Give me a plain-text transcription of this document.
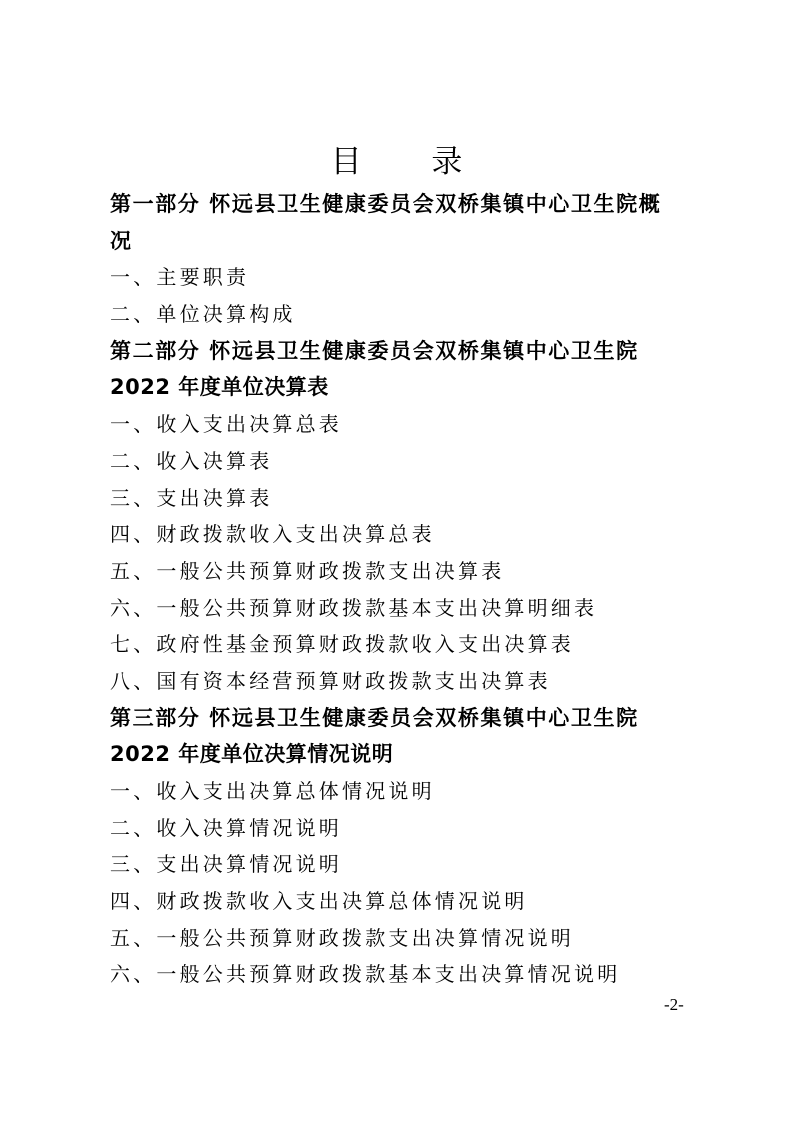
目 录
第一部分 怀远县卫生健康委员会双桥集镇中心卫生院概
况
一、主要职责
二、单位决算构成
第二部分 怀远县卫生健康委员会双桥集镇中心卫生院
2022 年度单位决算表
一、收入支出决算总表
二、收入决算表
三、支出决算表
四、财政拨款收入支出决算总表
五、一般公共预算财政拨款支出决算表
六、一般公共预算财政拨款基本支出决算明细表
七、政府性基金预算财政拨款收入支出决算表
八、国有资本经营预算财政拨款支出决算表
第三部分 怀远县卫生健康委员会双桥集镇中心卫生院
2022 年度单位决算情况说明
一、收入支出决算总体情况说明
二、收入决算情况说明
三、支出决算情况说明
四、财政拨款收入支出决算总体情况说明
五、一般公共预算财政拨款支出决算情况说明
六、一般公共预算财政拨款基本支出决算情况说明
-2-
